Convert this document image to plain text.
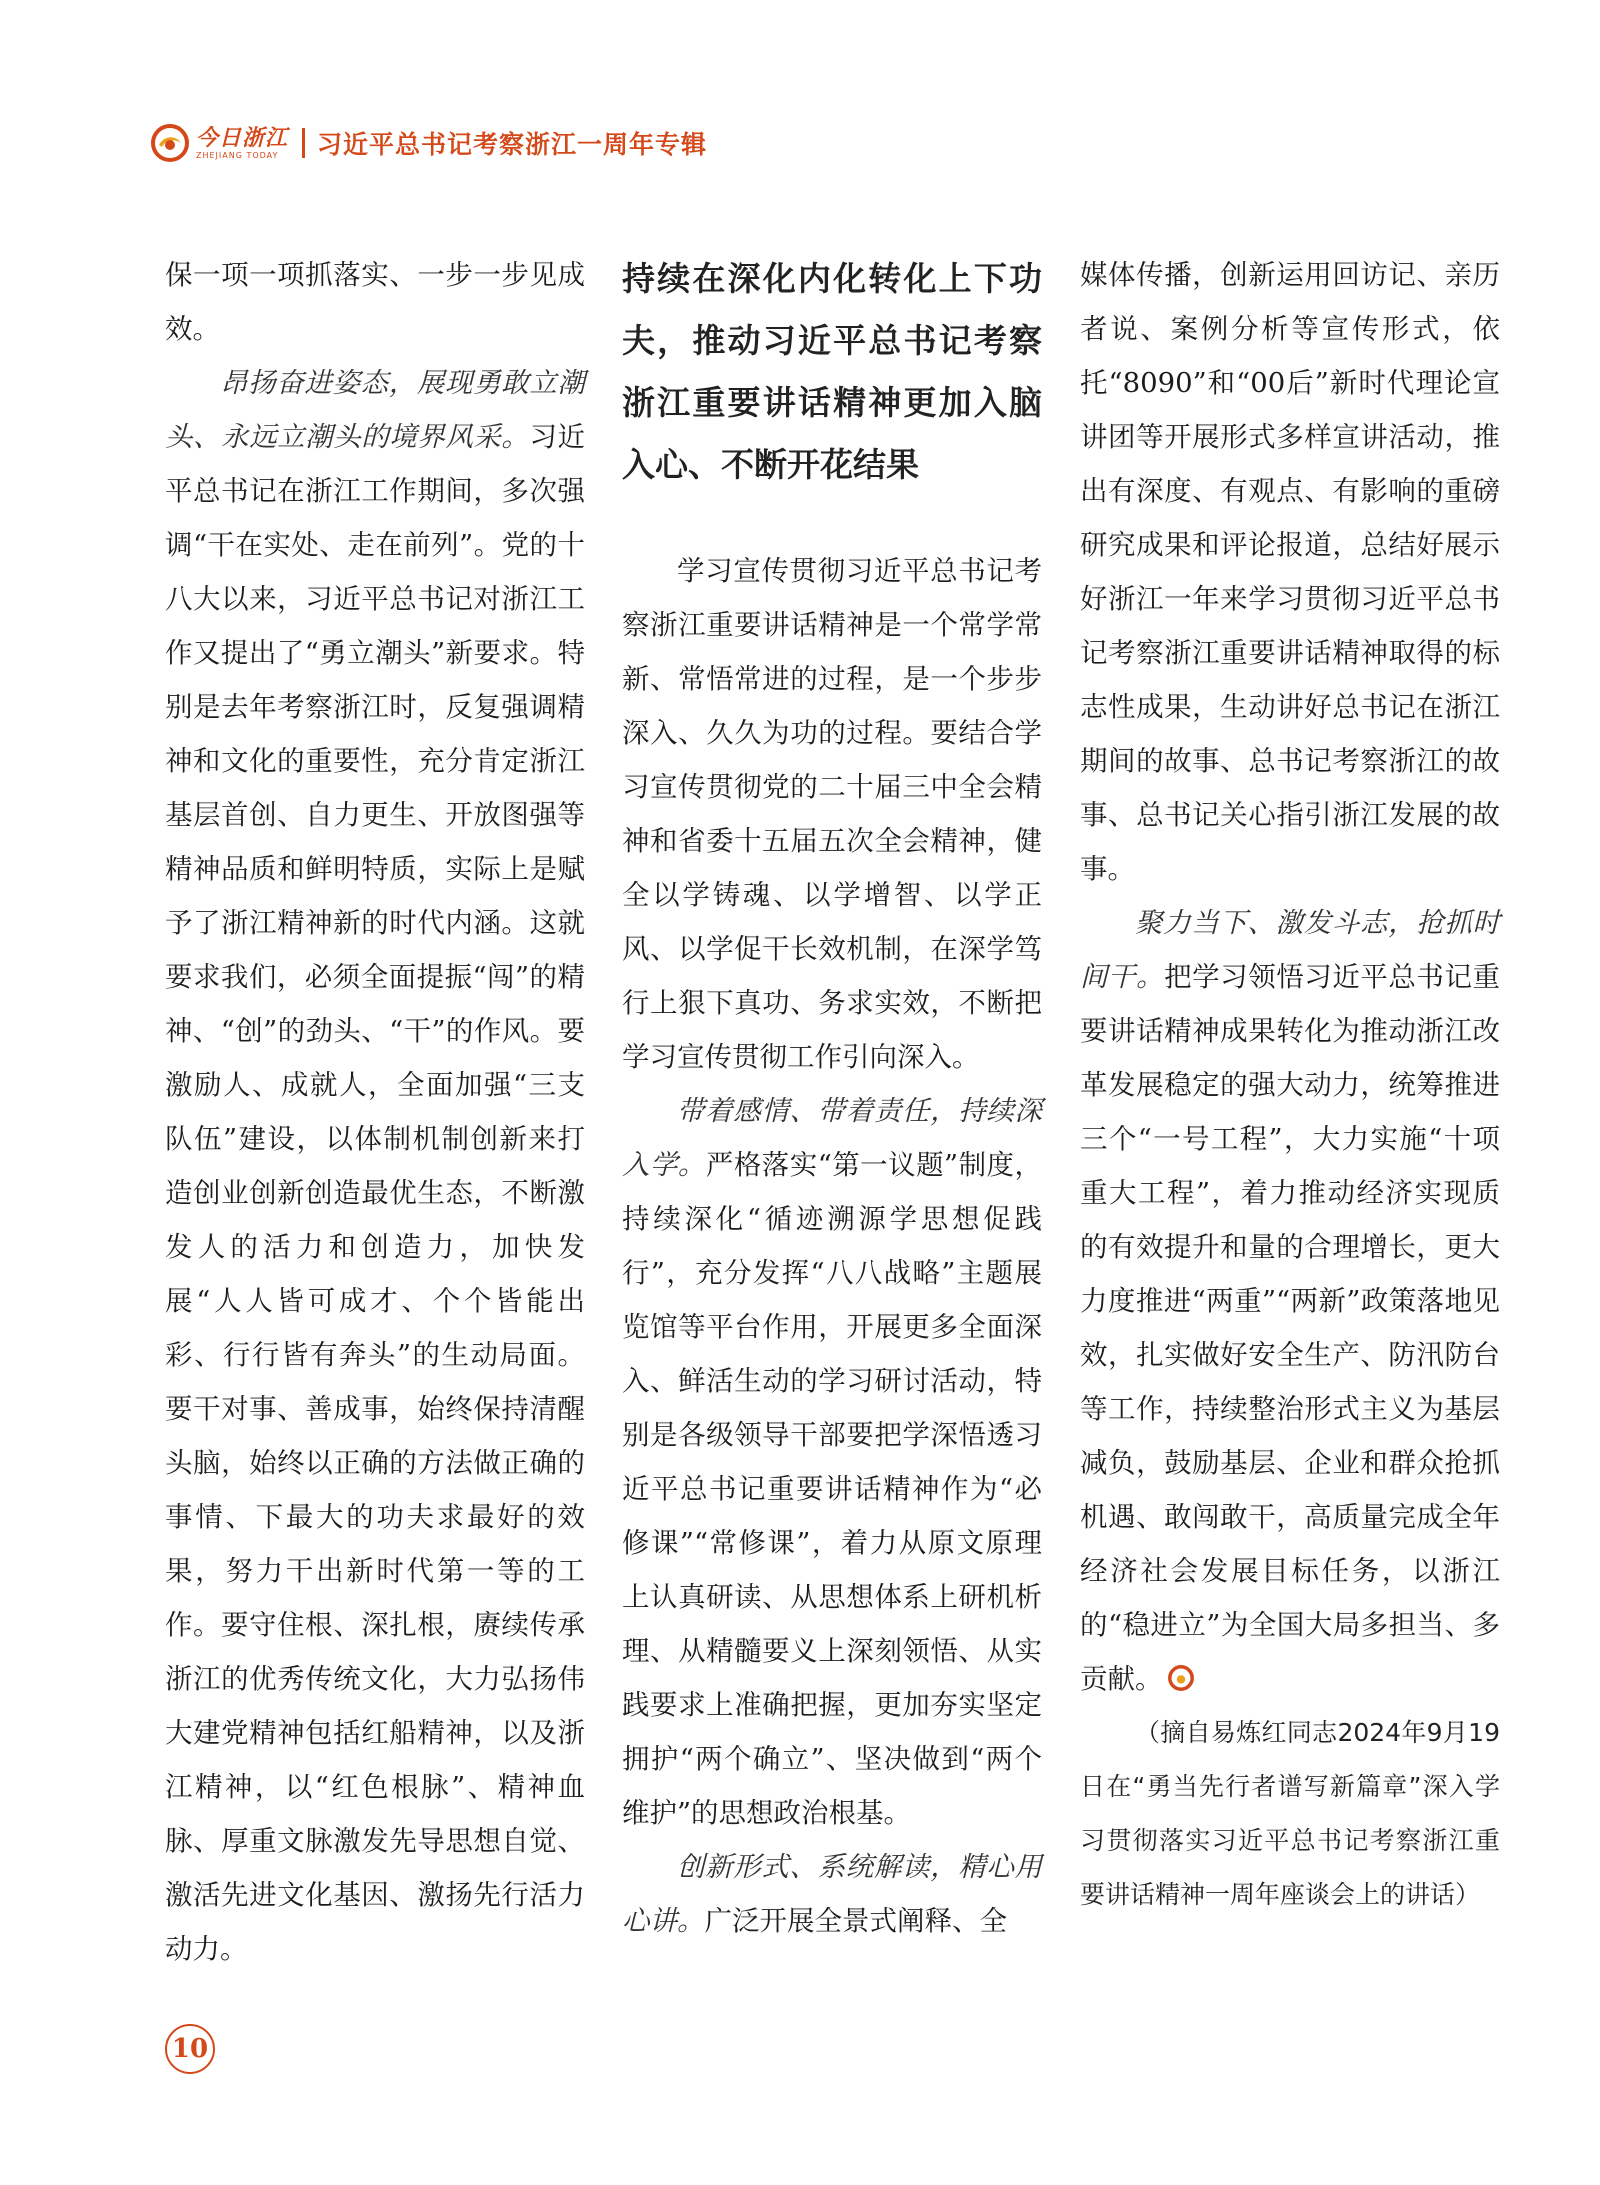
今日浙江
ZHEJIANG TODAY	习近平总书记考察浙江一周年专辑

保一项一项抓落实、一步一步见成效。

昂扬奋进姿态，展现勇敢立潮头、永远立潮头的境界风采。习近平总书记在浙江工作期间，多次强调“干在实处、走在前列”。党的十八大以来，习近平总书记对浙江工作又提出了“勇立潮头”新要求。特别是去年考察浙江时，反复强调精神和文化的重要性，充分肯定浙江基层首创、自力更生、开放图强等精神品质和鲜明特质，实际上是赋予了浙江精神新的时代内涵。这就要求我们，必须全面提振“闯”的精神、“创”的劲头、“干”的作风。要激励人、成就人，全面加强“三支队伍”建设，以体制机制创新来打造创业创新创造最优生态，不断激发人的活力和创造力，加快发展“人人皆可成才、个个皆能出彩、行行皆有奔头”的生动局面。要干对事、善成事，始终保持清醒头脑，始终以正确的方法做正确的事情、下最大的功夫求最好的效果，努力干出新时代第一等的工作。要守住根、深扎根，赓续传承浙江的优秀传统文化，大力弘扬伟大建党精神包括红船精神，以及浙江精神，以“红色根脉”、精神血脉、厚重文脉激发先导思想自觉、激活先进文化基因、激扬先行活力动力。

持续在深化内化转化上下功夫，推动习近平总书记考察浙江重要讲话精神更加入脑入心、不断开花结果

学习宣传贯彻习近平总书记考察浙江重要讲话精神是一个常学常新、常悟常进的过程，是一个步步深入、久久为功的过程。要结合学习宣传贯彻党的二十届三中全会精神和省委十五届五次全会精神，健全以学铸魂、以学增智、以学正风、以学促干长效机制，在深学笃行上狠下真功、务求实效，不断把学习宣传贯彻工作引向深入。

带着感情、带着责任，持续深入学。严格落实“第一议题”制度，持续深化“循迹溯源学思想促践行”，充分发挥“八八战略”主题展览馆等平台作用，开展更多全面深入、鲜活生动的学习研讨活动，特别是各级领导干部要把学深悟透习近平总书记重要讲话精神作为“必修课”“常修课”，着力从原文原理上认真研读、从思想体系上研机析理、从精髓要义上深刻领悟、从实践要求上准确把握，更加夯实坚定拥护“两个确立”、坚决做到“两个维护”的思想政治根基。

创新形式、系统解读，精心用心讲。广泛开展全景式阐释、全

媒体传播，创新运用回访记、亲历者说、案例分析等宣传形式，依托“8090”和“00后”新时代理论宣讲团等开展形式多样宣讲活动，推出有深度、有观点、有影响的重磅研究成果和评论报道，总结好展示好浙江一年来学习贯彻习近平总书记考察浙江重要讲话精神取得的标志性成果，生动讲好总书记在浙江期间的故事、总书记考察浙江的故事、总书记关心指引浙江发展的故事。

聚力当下、激发斗志，抢抓时间干。把学习领悟习近平总书记重要讲话精神成果转化为推动浙江改革发展稳定的强大动力，统筹推进三个“一号工程”，大力实施“十项重大工程”，着力推动经济实现质的有效提升和量的合理增长，更大力度推进“两重”“两新”政策落地见效，扎实做好安全生产、防汛防台等工作，持续整治形式主义为基层减负，鼓励基层、企业和群众抢抓机遇、敢闯敢干，高质量完成全年经济社会发展目标任务，以浙江的“稳进立”为全国大局多担当、多贡献。

（摘自易炼红同志2024年9月19日在“勇当先行者谱写新篇章”深入学习贯彻落实习近平总书记考察浙江重要讲话精神一周年座谈会上的讲话）

10
